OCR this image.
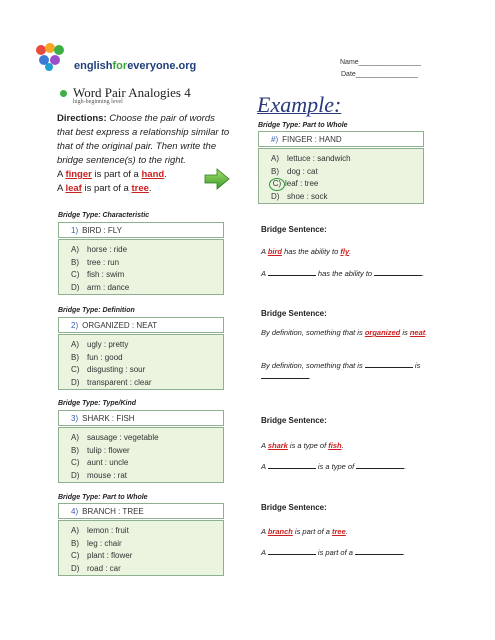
englishforeveryone.org	Name________________
Date________________
Word Pair Analogies 4
high-beginning level
Directions: Choose the pair of words that best express a relationship similar to that of the original pair. Then write the bridge sentence(s) to the right.
A finger is part of a hand.
A leaf is part of a tree.
Example:
Bridge Type: Part to Whole
#) FINGER : HAND
A) lettuce : sandwich
B) dog : cat
C) leaf : tree
D) shoe : sock
Bridge Type: Characteristic
1) BIRD : FLY
A) horse : ride
B) tree : run
C) fish : swim
D) arm : dance
Bridge Sentence:
A bird has the ability to fly.
A	has the ability to	.
Bridge Type: Definition
2) ORGANIZED : NEAT
A) ugly : pretty
B) fun : good
C) disgusting : sour
D) transparent : clear
Bridge Sentence:
By definition, something that is organized is neat.
By definition, something that is	is .
Bridge Type: Type/Kind
3) SHARK : FISH
A) sausage : vegetable
B) tulip : flower
C) aunt : uncle
D) mouse : rat
Bridge Sentence:
A shark is a type of fish.
A	is a type of	.
Bridge Type: Part to Whole
4) BRANCH : TREE
A) lemon : fruit
B) leg : chair
C) plant : flower
D) road : car
Bridge Sentence:
A branch is part of a tree.
A	is part of a	.
